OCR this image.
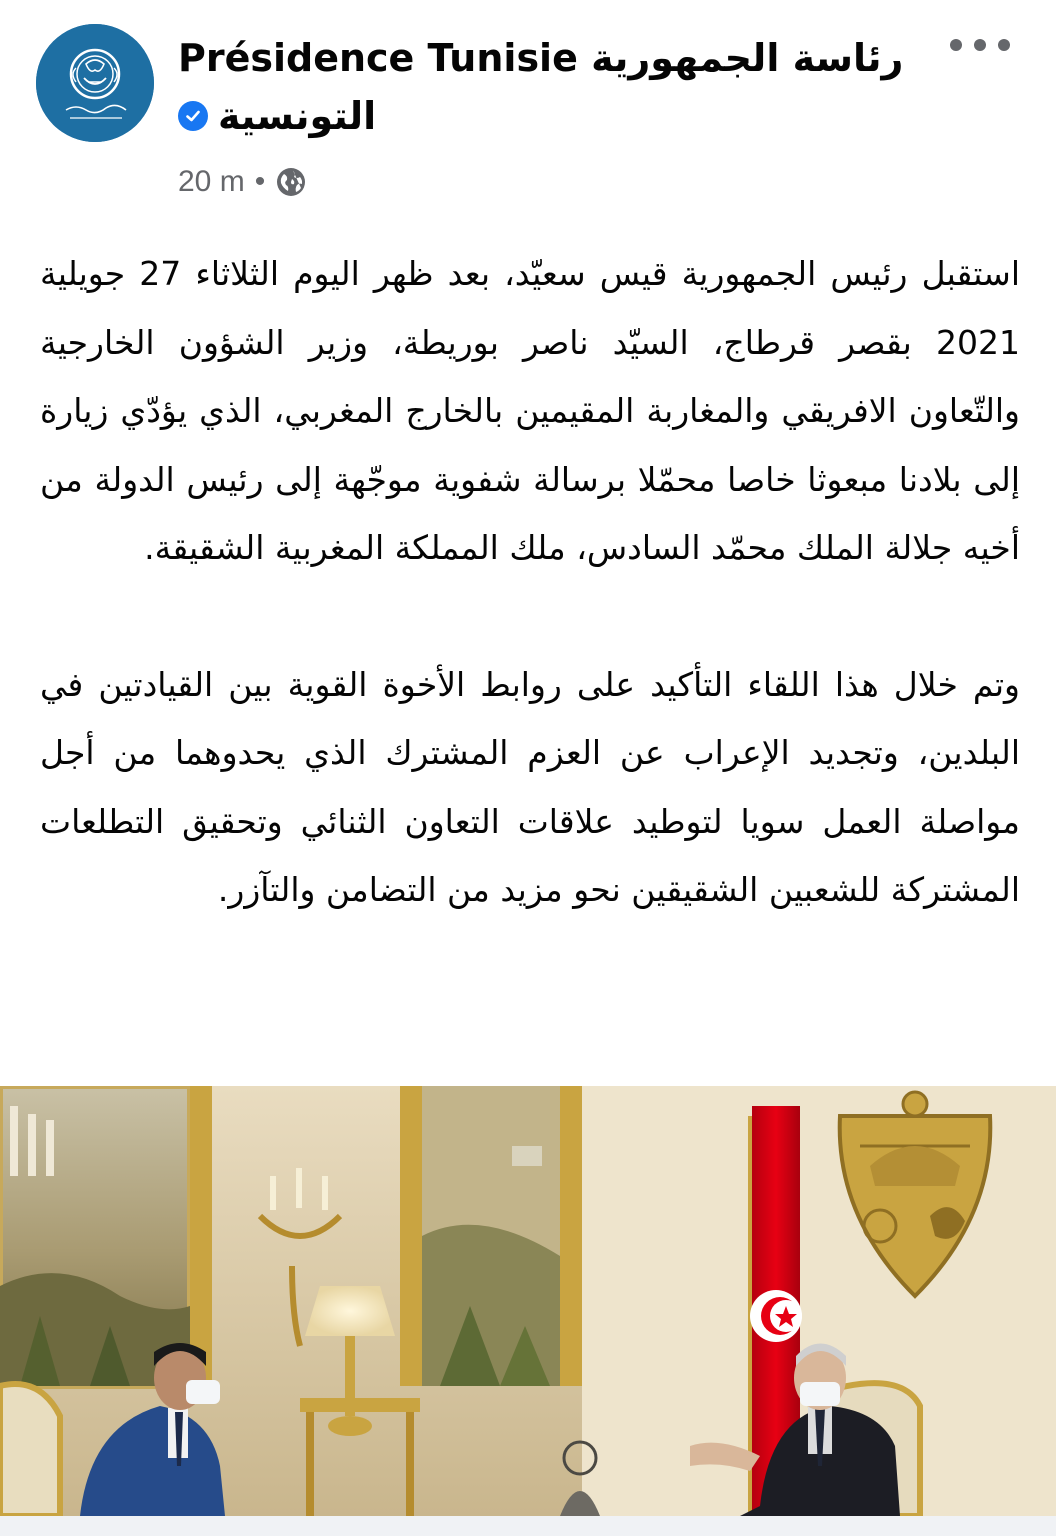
Présidence Tunisie رئاسة الجمهورية
التونسية
20 m •

استقبل رئيس الجمهورية قيس سعيّد، بعد ظهر اليوم الثلاثاء 27 جويلية 2021 بقصر قرطاج، السيّد ناصر بوريطة، وزير الشؤون الخارجية والتّعاون الافريقي والمغاربة المقيمين بالخارج المغربي، الذي يؤدّي زيارة إلى بلادنا مبعوثا خاصا محمّلا برسالة شفوية موجّهة إلى رئيس الدولة من أخيه جلالة الملك محمّد السادس، ملك المملكة المغربية الشقيقة.

وتم خلال هذا اللقاء التأكيد على روابط الأخوة القوية بين القيادتين في البلدين، وتجديد الإعراب عن العزم المشترك الذي يحدوهما من أجل مواصلة العمل سويا لتوطيد علاقات التعاون الثنائي وتحقيق التطلعات المشتركة للشعبين الشقيقين نحو مزيد من التضامن والتآزر.
